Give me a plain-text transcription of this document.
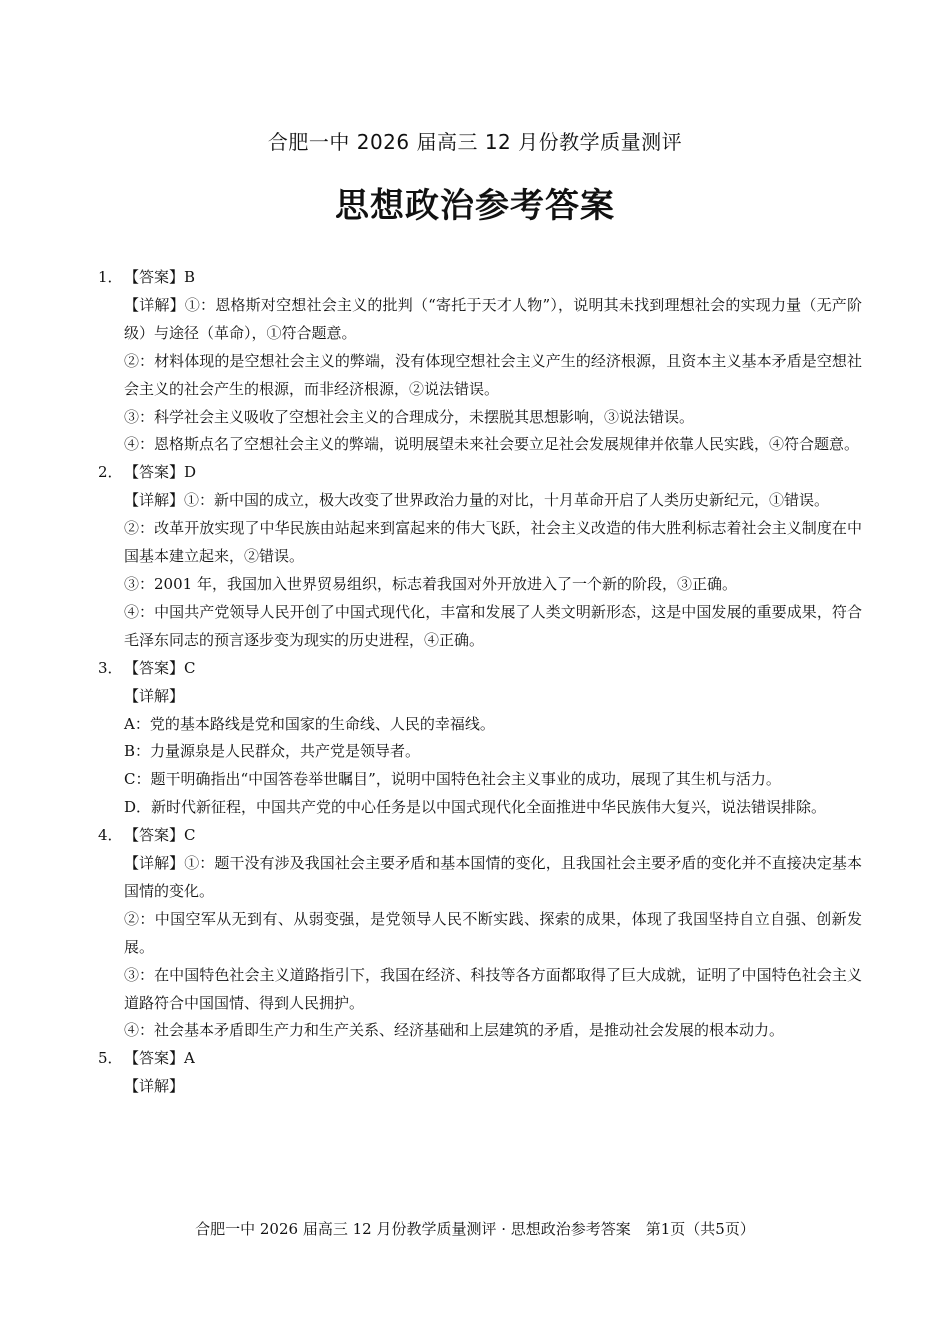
合肥一中 2026 届高三 12 月份教学质量测评
思想政治参考答案
1． 【答案】B
【详解】①：恩格斯对空想社会主义的批判（“寄托于天才人物”），说明其未找到理想社会的实现力量（无产阶级）与途径（革命），①符合题意。
②：材料体现的是空想社会主义的弊端，没有体现空想社会主义产生的经济根源，且资本主义基本矛盾是空想社会主义的社会产生的根源，而非经济根源，②说法错误。
③：科学社会主义吸收了空想社会主义的合理成分，未摆脱其思想影响，③说法错误。
④：恩格斯点名了空想社会主义的弊端，说明展望未来社会要立足社会发展规律并依靠人民实践，④符合题意。
2． 【答案】D
【详解】①：新中国的成立，极大改变了世界政治力量的对比，十月革命开启了人类历史新纪元，①错误。
②：改革开放实现了中华民族由站起来到富起来的伟大飞跃，社会主义改造的伟大胜利标志着社会主义制度在中国基本建立起来，②错误。
③：2001 年，我国加入世界贸易组织，标志着我国对外开放进入了一个新的阶段，③正确。
④：中国共产党领导人民开创了中国式现代化，丰富和发展了人类文明新形态，这是中国发展的重要成果，符合毛泽东同志的预言逐步变为现实的历史进程，④正确。
3． 【答案】C
【详解】
A：党的基本路线是党和国家的生命线、人民的幸福线。
B：力量源泉是人民群众，共产党是领导者。
C：题干明确指出“中国答卷举世瞩目”，说明中国特色社会主义事业的成功，展现了其生机与活力。
D．新时代新征程，中国共产党的中心任务是以中国式现代化全面推进中华民族伟大复兴，说法错误排除。
4． 【答案】C
【详解】①：题干没有涉及我国社会主要矛盾和基本国情的变化，且我国社会主要矛盾的变化并不直接决定基本国情的变化。
②：中国空军从无到有、从弱变强，是党领导人民不断实践、探索的成果，体现了我国坚持自立自强、创新发展。
③：在中国特色社会主义道路指引下，我国在经济、科技等各方面都取得了巨大成就，证明了中国特色社会主义道路符合中国国情、得到人民拥护。
④：社会基本矛盾即生产力和生产关系、经济基础和上层建筑的矛盾，是推动社会发展的根本动力。
5． 【答案】A
【详解】
合肥一中 2026 届高三 12 月份教学质量测评 · 思想政治参考答案　第1页（共5页）
